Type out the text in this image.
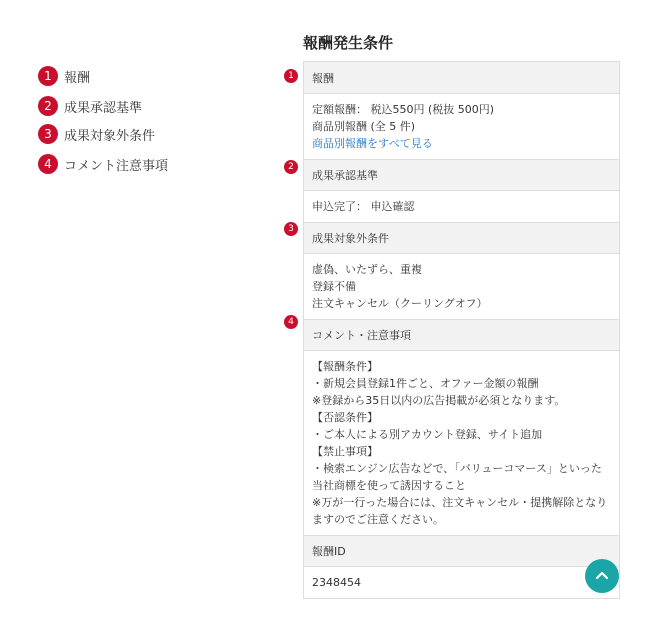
1 報酬
2 成果承認基準
3 成果対象外条件
4 コメント注意事項
報酬発生条件
1
2
3
4
報酬
定額報酬： 税込550円 (税抜 500円)
商品別報酬 (全 5 件)
商品別報酬をすべて見る
成果承認基準
申込完了： 申込確認
成果対象外条件
虚偽、いたずら、重複
登録不備
注文キャンセル（クーリングオフ）
コメント・注意事項
【報酬条件】
・新規会員登録1件ごと、オファー金額の報酬
※登録から35日以内の広告掲載が必須となります。
【否認条件】
・ご本人による別アカウント登録、サイト追加
【禁止事項】
・検索エンジン広告などで、「バリューコマース」といった
当社商標を使って誘因すること
※万が一行った場合には、注文キャンセル・提携解除となり
ますのでご注意ください。
報酬ID
2348454
